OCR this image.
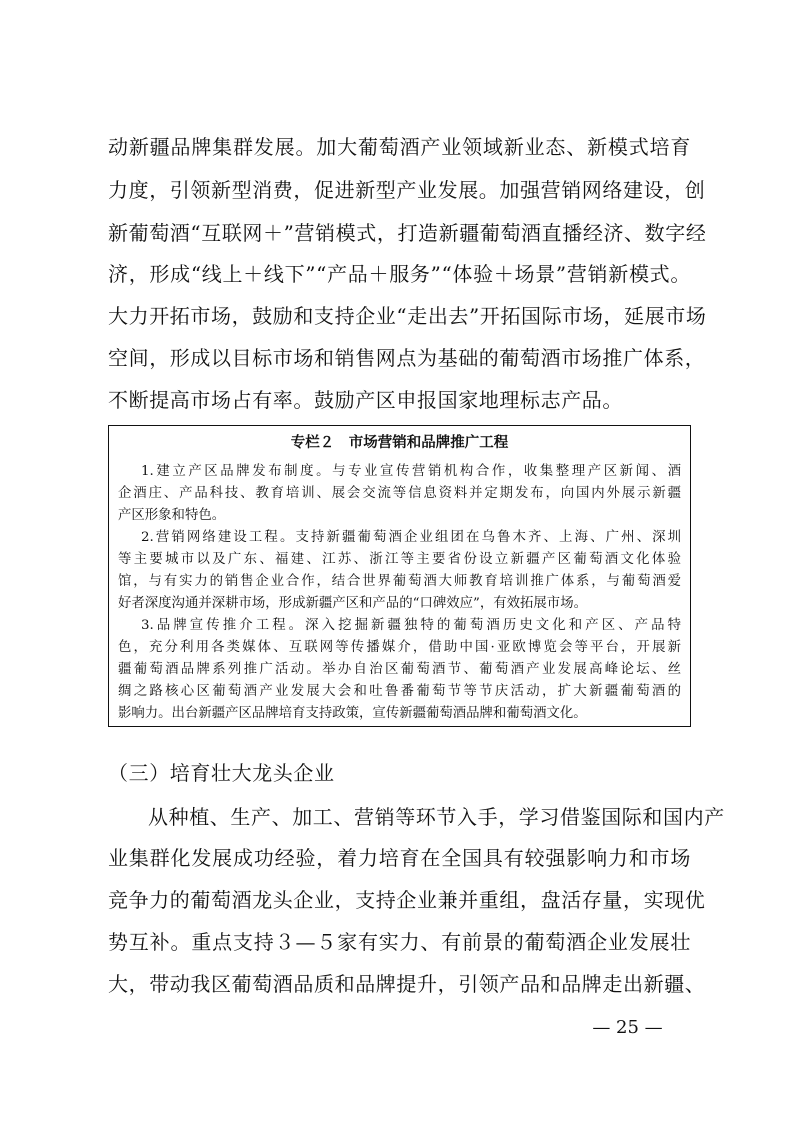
动新疆品牌集群发展。加大葡萄酒产业领域新业态、新模式培育
力度，引领新型消费，促进新型产业发展。加强营销网络建设，创
新葡萄酒“互联网＋”营销模式，打造新疆葡萄酒直播经济、数字经
济，形成“线上＋线下”“产品＋服务”“体验＋场景”营销新模式。
大力开拓市场，鼓励和支持企业“走出去”开拓国际市场，延展市场
空间，形成以目标市场和销售网点为基础的葡萄酒市场推广体系，
不断提高市场占有率。鼓励产区申报国家地理标志产品。
专栏２　市场营销和品牌推广工程
1.建立产区品牌发布制度。与专业宣传营销机构合作，收集整理产区新闻、酒
企酒庄、产品科技、教育培训、展会交流等信息资料并定期发布，向国内外展示新疆
产区形象和特色。
2.营销网络建设工程。支持新疆葡萄酒企业组团在乌鲁木齐、上海、广州、深圳
等主要城市以及广东、福建、江苏、浙江等主要省份设立新疆产区葡萄酒文化体验
馆，与有实力的销售企业合作，结合世界葡萄酒大师教育培训推广体系，与葡萄酒爱
好者深度沟通并深耕市场，形成新疆产区和产品的“口碑效应”，有效拓展市场。
3.品牌宣传推介工程。深入挖掘新疆独特的葡萄酒历史文化和产区、产品特
色，充分利用各类媒体、互联网等传播媒介，借助中国·亚欧博览会等平台，开展新
疆葡萄酒品牌系列推广活动。举办自治区葡萄酒节、葡萄酒产业发展高峰论坛、丝
绸之路核心区葡萄酒产业发展大会和吐鲁番葡萄节等节庆活动，扩大新疆葡萄酒的
影响力。出台新疆产区品牌培育支持政策，宣传新疆葡萄酒品牌和葡萄酒文化。
（三）培育壮大龙头企业
从种植、生产、加工、营销等环节入手，学习借鉴国际和国内产
业集群化发展成功经验，着力培育在全国具有较强影响力和市场
竞争力的葡萄酒龙头企业，支持企业兼并重组，盘活存量，实现优
势互补。重点支持３—５家有实力、有前景的葡萄酒企业发展壮
大，带动我区葡萄酒品质和品牌提升，引领产品和品牌走出新疆、
— 25 —
